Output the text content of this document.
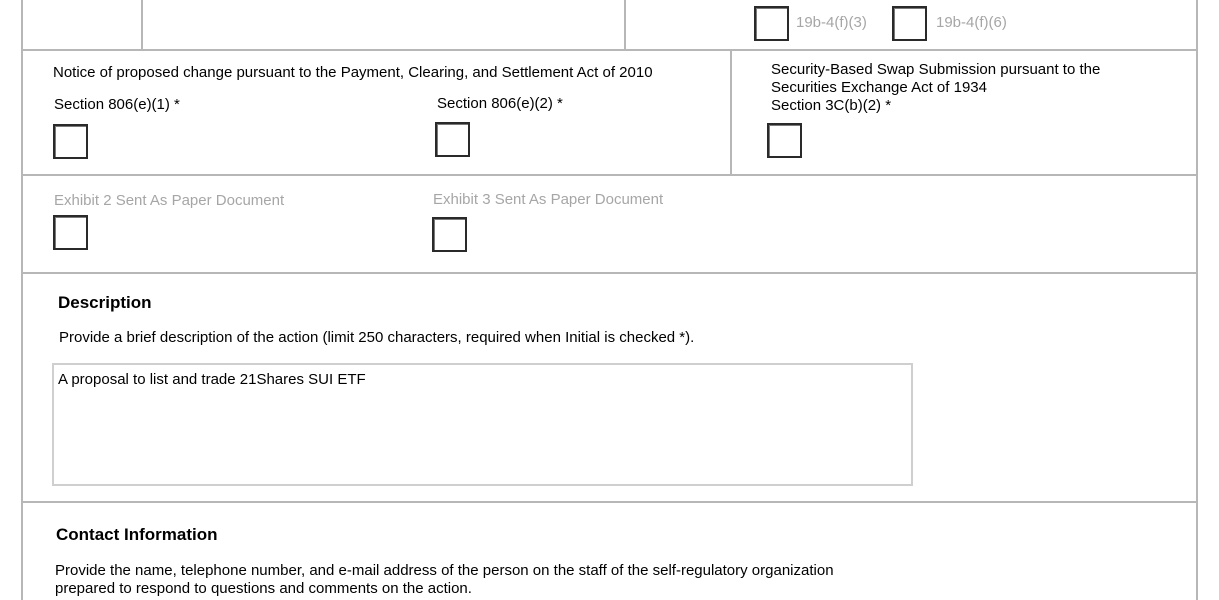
19b-4(f)(3)	19b-4(f)(6)
Notice of proposed change pursuant to the Payment, Clearing, and Settlement Act of 2010
Section 806(e)(1) *	Section 806(e)(2) *
Security-Based Swap Submission pursuant to the
Securities Exchange Act of 1934
Section 3C(b)(2) *
Exhibit 2 Sent As Paper Document	Exhibit 3 Sent As Paper Document
Description
Provide a brief description of the action (limit 250 characters, required when Initial is checked *).
A proposal to list and trade 21Shares SUI ETF
Contact Information
Provide the name, telephone number, and e-mail address of the person on the staff of the self-regulatory organization
prepared to respond to questions and comments on the action.
